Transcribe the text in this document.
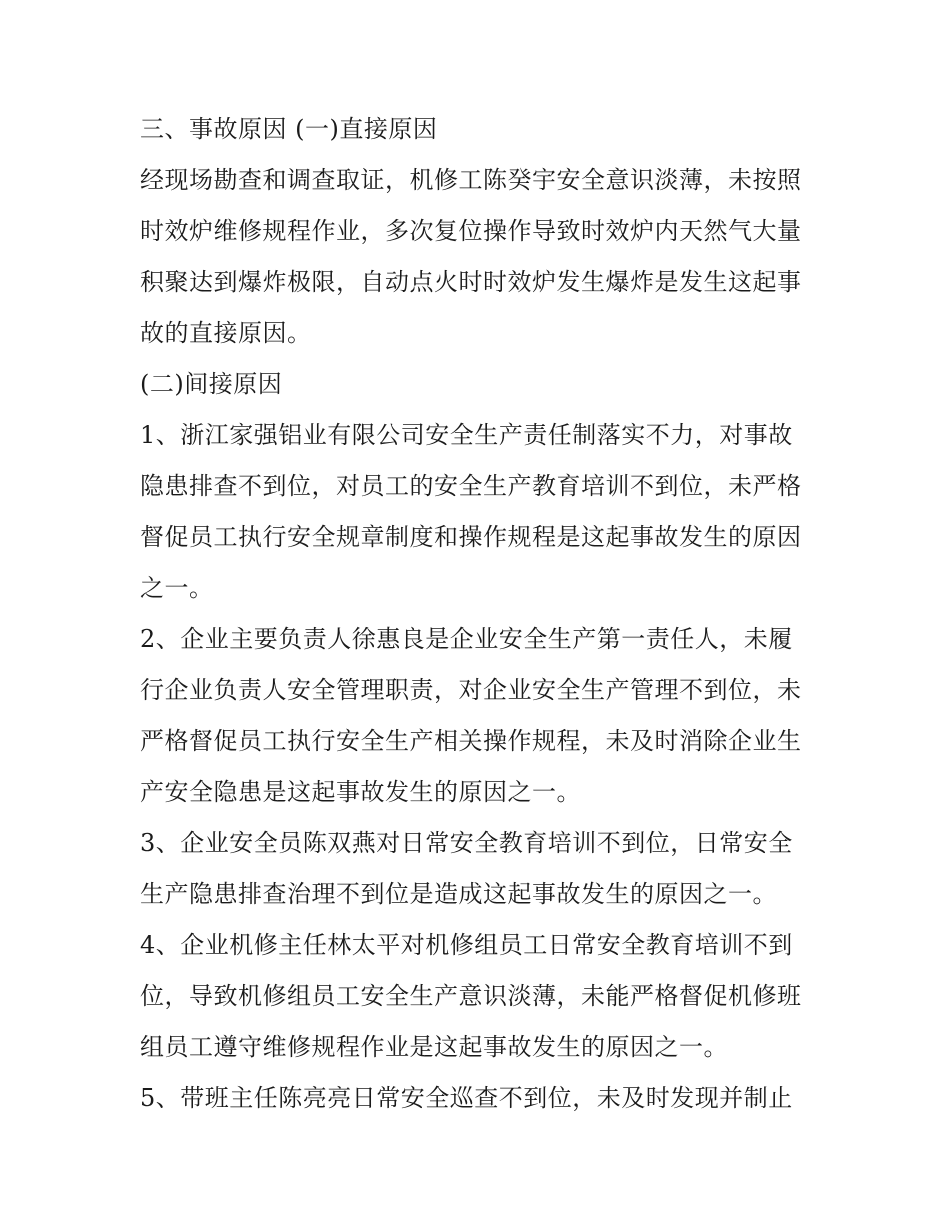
三、事故原因 (一)直接原因
经现场勘查和调查取证，机修工陈癸宇安全意识淡薄，未按照
时效炉维修规程作业，多次复位操作导致时效炉内天然气大量
积聚达到爆炸极限，自动点火时时效炉发生爆炸是发生这起事
故的直接原因。
(二)间接原因
1、浙江家强铝业有限公司安全生产责任制落实不力，对事故
隐患排查不到位，对员工的安全生产教育培训不到位，未严格
督促员工执行安全规章制度和操作规程是这起事故发生的原因
之一。
2、企业主要负责人徐惠良是企业安全生产第一责任人，未履
行企业负责人安全管理职责，对企业安全生产管理不到位，未
严格督促员工执行安全生产相关操作规程，未及时消除企业生
产安全隐患是这起事故发生的原因之一。
3、企业安全员陈双燕对日常安全教育培训不到位，日常安全
生产隐患排查治理不到位是造成这起事故发生的原因之一。
4、企业机修主任林太平对机修组员工日常安全教育培训不到
位，导致机修组员工安全生产意识淡薄，未能严格督促机修班
组员工遵守维修规程作业是这起事故发生的原因之一。
5、带班主任陈亮亮日常安全巡查不到位，未及时发现并制止
